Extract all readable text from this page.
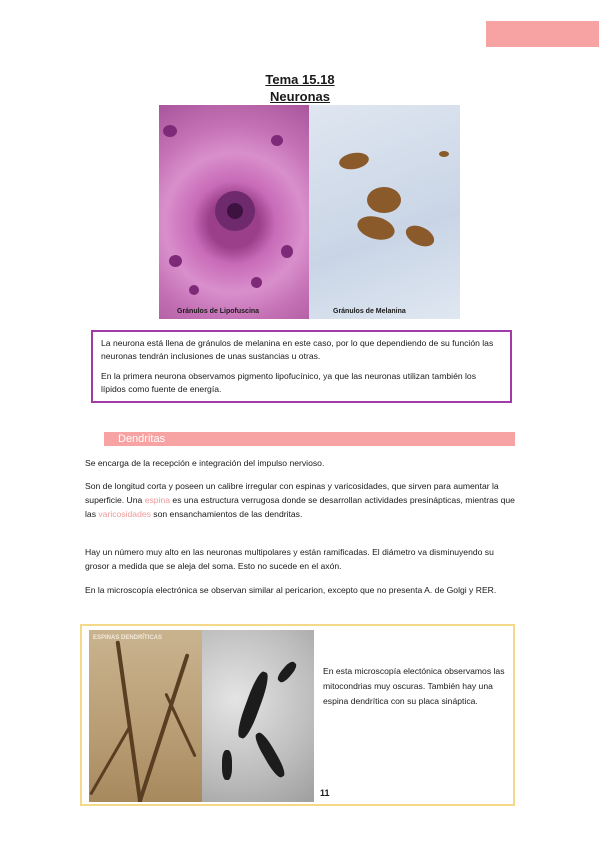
Tema 15.18
Neuronas
Gránulos de Lipofuscina	Gránulos de Melanina

La neurona está llena de gránulos de melanina en este caso, por lo que dependiendo de su función las neuronas tendrán inclusiones de unas sustancias u otras.

En la primera neurona observamos pigmento lipofucínico, ya que las neuronas utilizan también los lípidos como fuente de energía.

Dendritas

Se encarga de la recepción e integración del impulso nervioso.

Son de longitud corta y poseen un calibre irregular con espinas y varicosidades, que sirven para aumentar la superficie. Una espina es una estructura verrugosa donde se desarrollan actividades presinápticas, mientras que las varicosidades son ensanchamientos de las dendritas.

Hay un número muy alto en las neuronas multipolares y están ramificadas. El diámetro va disminuyendo su grosor a medida que se aleja del soma. Esto no sucede en el axón.

En la microscopía electrónica se observan similar al pericarion, excepto que no presenta A. de Golgi y RER.

ESPINAS DENDRÍTICAS

En esta microscopía electónica observamos las mitocondrias muy oscuras. También hay una espina dendrítica con su placa sináptica.

11
